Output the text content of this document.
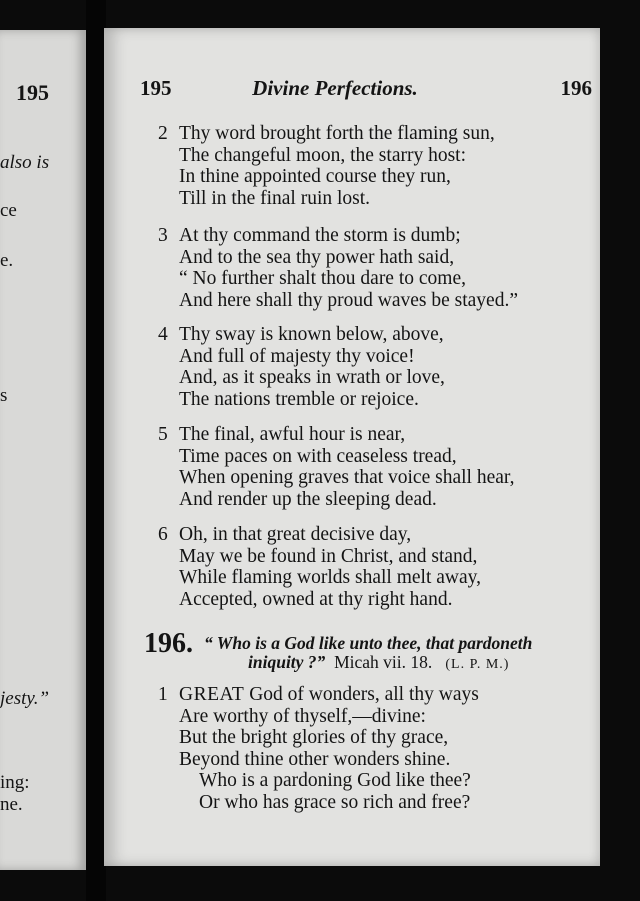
195
also is
ce
e.
s
jesty.”
ing:
ne.
195	Divine Perfections.	196
2 Thy word brought forth the flaming sun,
The changeful moon, the starry host:
In thine appointed course they run,
Till in the final ruin lost.
3 At thy command the storm is dumb;
And to the sea thy power hath said,
“ No further shalt thou dare to come,
And here shall thy proud waves be stayed.”
4 Thy sway is known below, above,
And full of majesty thy voice!
And, as it speaks in wrath or love,
The nations tremble or rejoice.
5 The final, awful hour is near,
Time paces on with ceaseless tread,
When opening graves that voice shall hear,
And render up the sleeping dead.
6 Oh, in that great decisive day,
May we be found in Christ, and stand,
While flaming worlds shall melt away,
Accepted, owned at thy right hand.
196. “ Who is a God like unto thee, that pardoneth
iniquity ?” Micah vii. 18. (L. P. M.)
1 GREAT God of wonders, all thy ways
Are worthy of thyself,—divine:
But the bright glories of thy grace,
Beyond thine other wonders shine.
Who is a pardoning God like thee?
Or who has grace so rich and free?
